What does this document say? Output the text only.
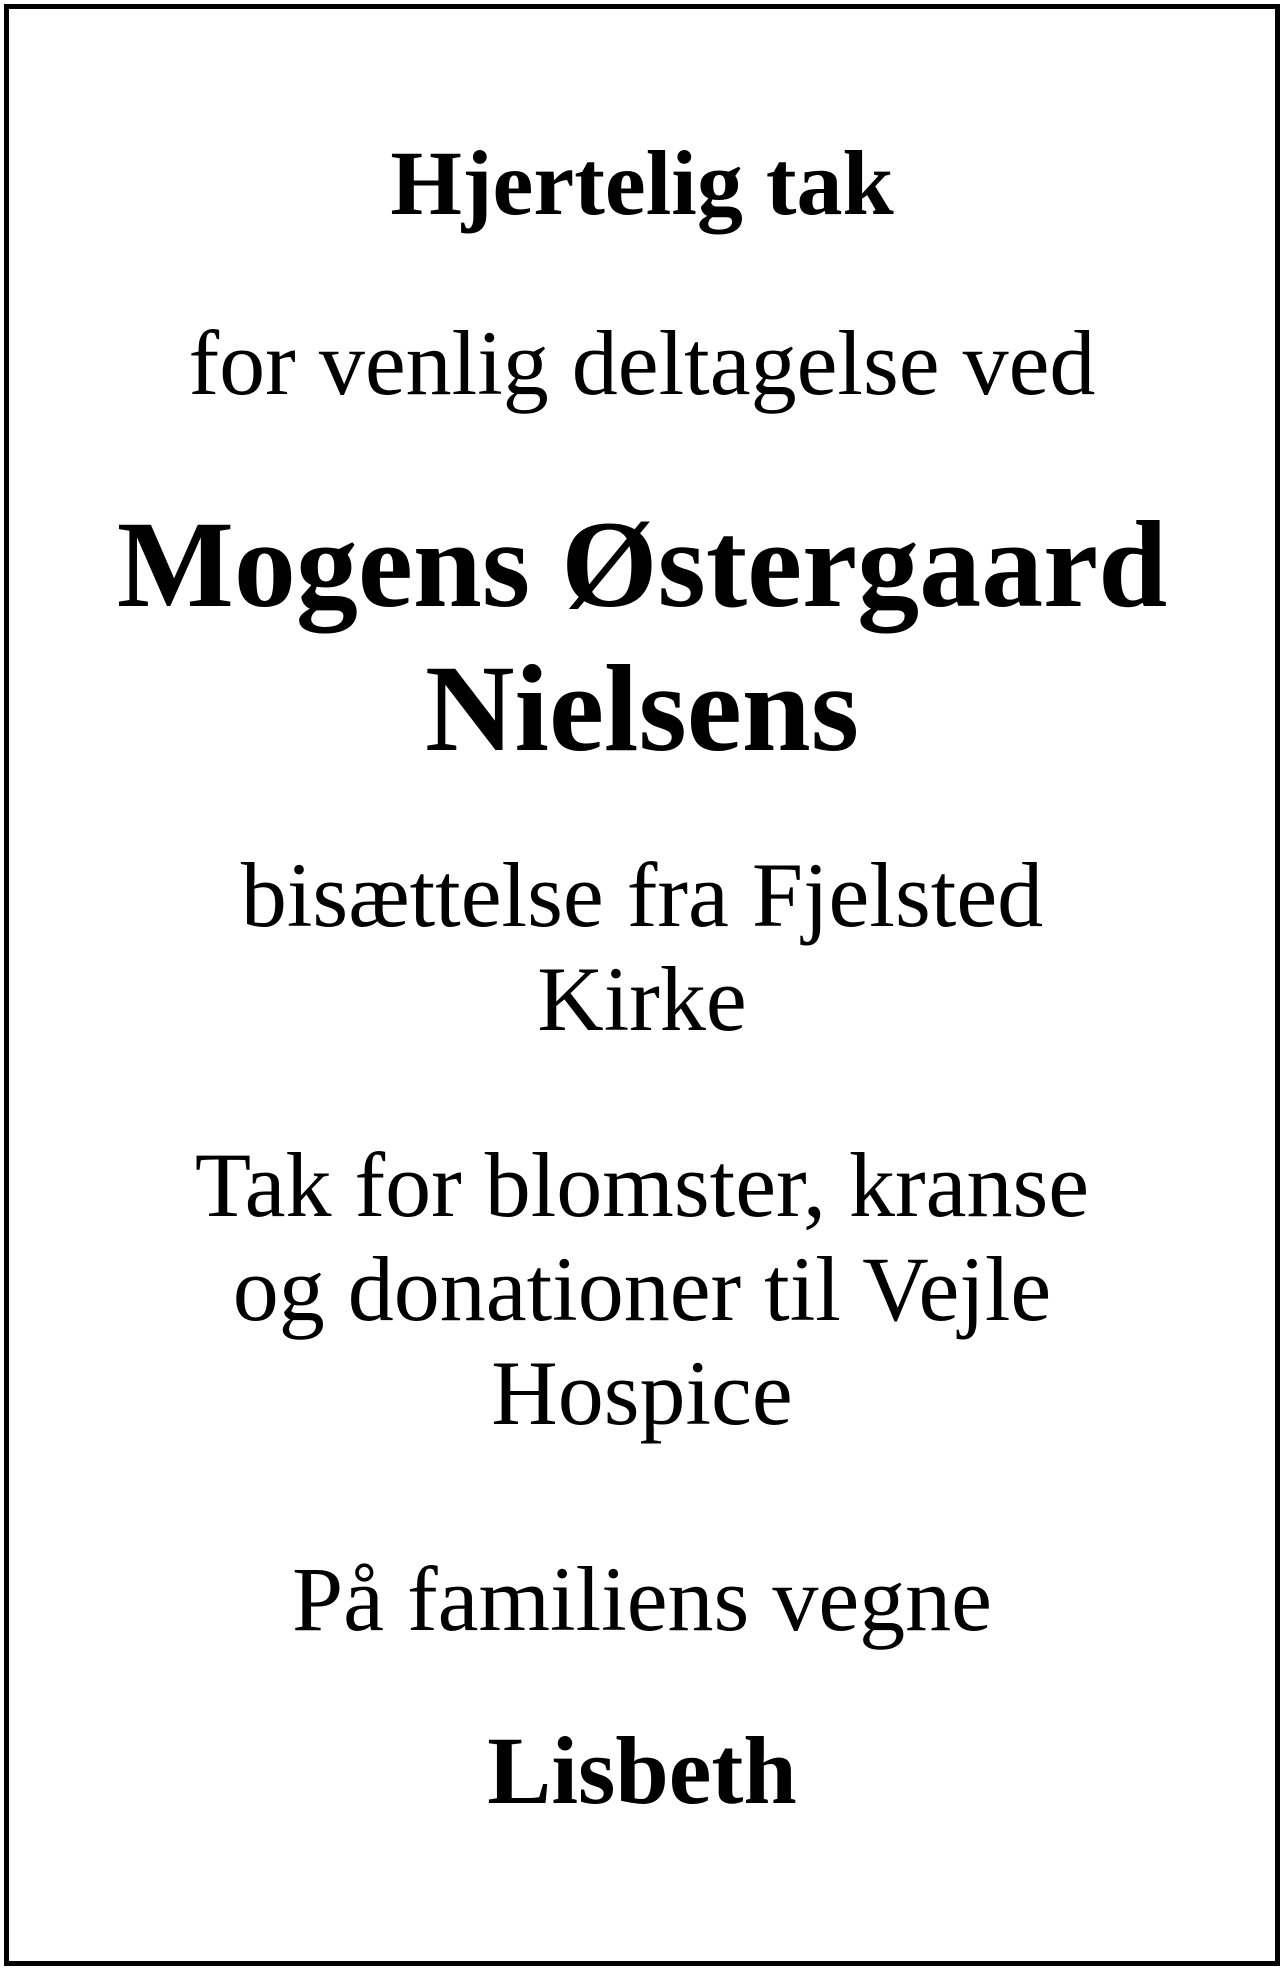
Hjertelig tak

for venlig deltagelse ved

Mogens Østergaard
Nielsens
bisættelse fra Fjelsted
Kirke
Tak for blomster, kranse
og donationer til Vejle
Hospice

På familiens vegne

Lisbeth
